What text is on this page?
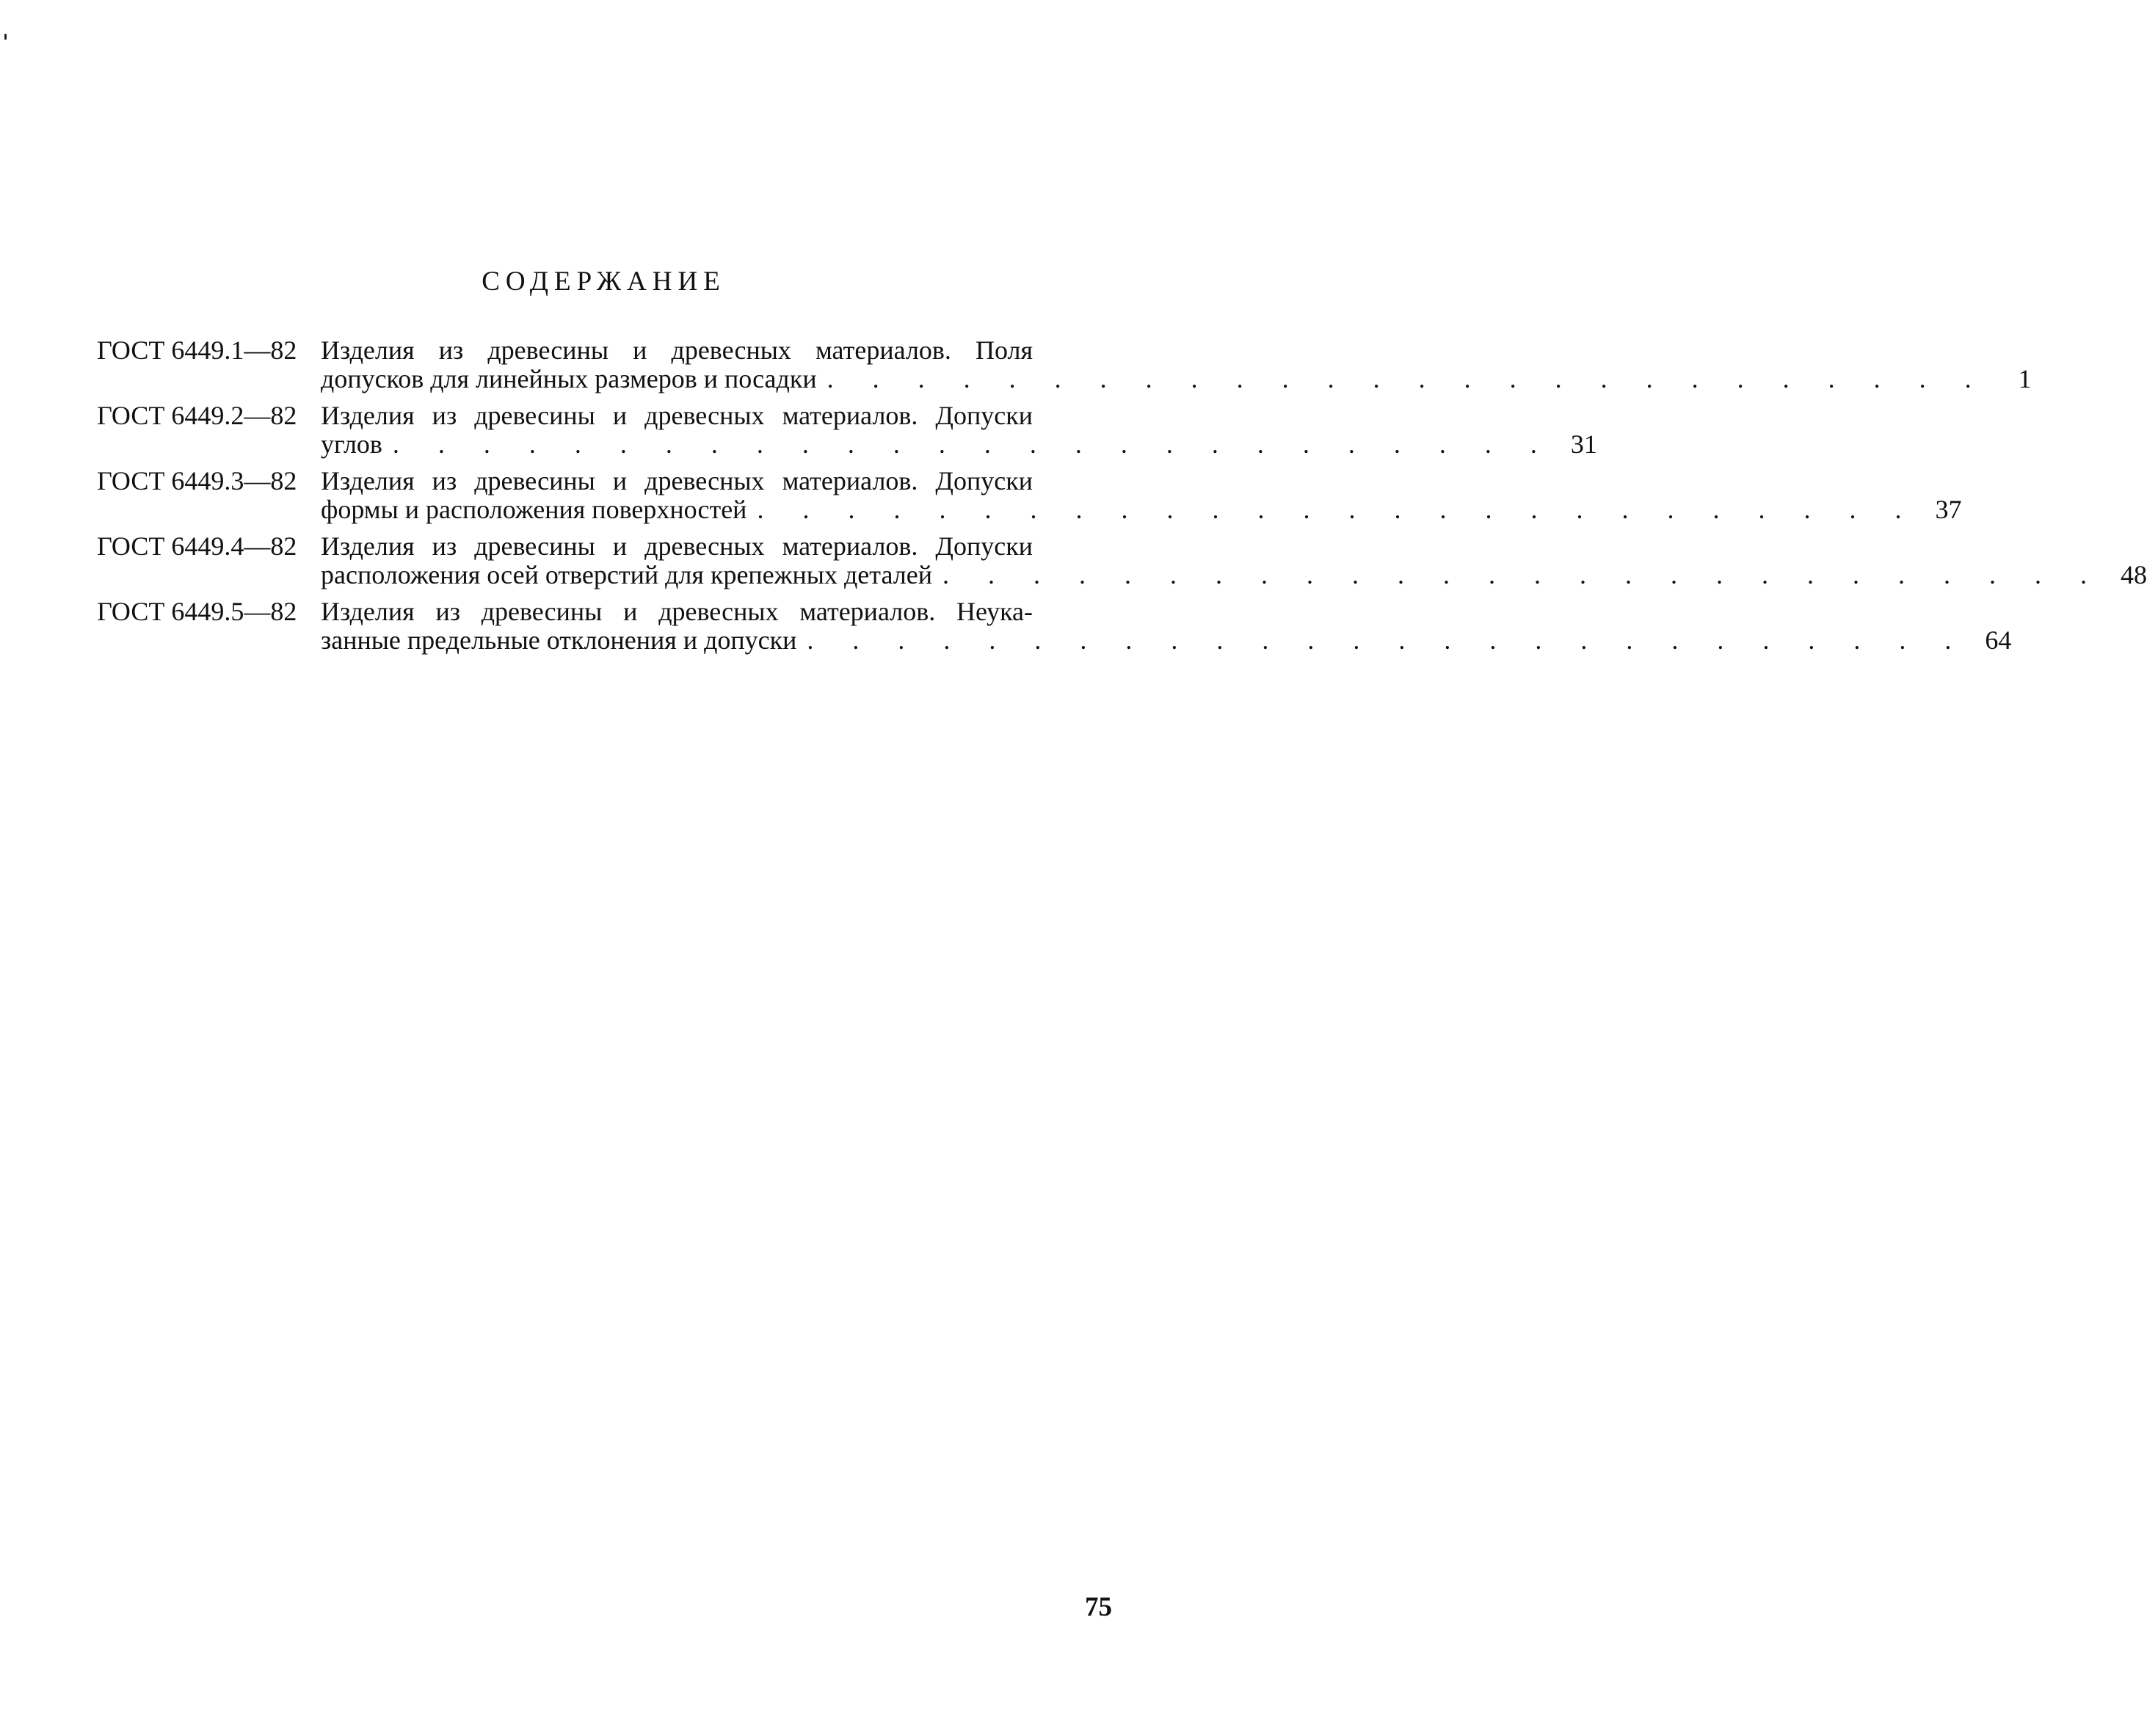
СОДЕРЖАНИЕ
ГОСТ 6449.1—82 Изделия из древесины и древесных материалов. Поля
допусков для линейных размеров и посадки . . . . . . . . . . . . . . . . . . . . . . . . . .	1
ГОСТ 6449.2—82 Изделия из древесины и древесных материалов. Допуски
углов . . . . . . . . . . . . . . . . . . . . . . . . . . 31
ГОСТ 6449.3—82 Изделия из древесины и древесных материалов. Допуски
формы и расположения поверхностей . . . . . . . . . . . . . . . . . . . . . . . . . . 37
ГОСТ 6449.4—82 Изделия из древесины и древесных материалов. Допуски
расположения осей отверстий для крепежных деталей . . . . . . . . . . . . . . . . . . . . . . . . . . 48
ГОСТ 6449.5—82 Изделия из древесины и древесных материалов. Неука-
занные предельные отклонения и допуски . . . . . . . . . . . . . . . . . . . . . . . . . . 64
75
